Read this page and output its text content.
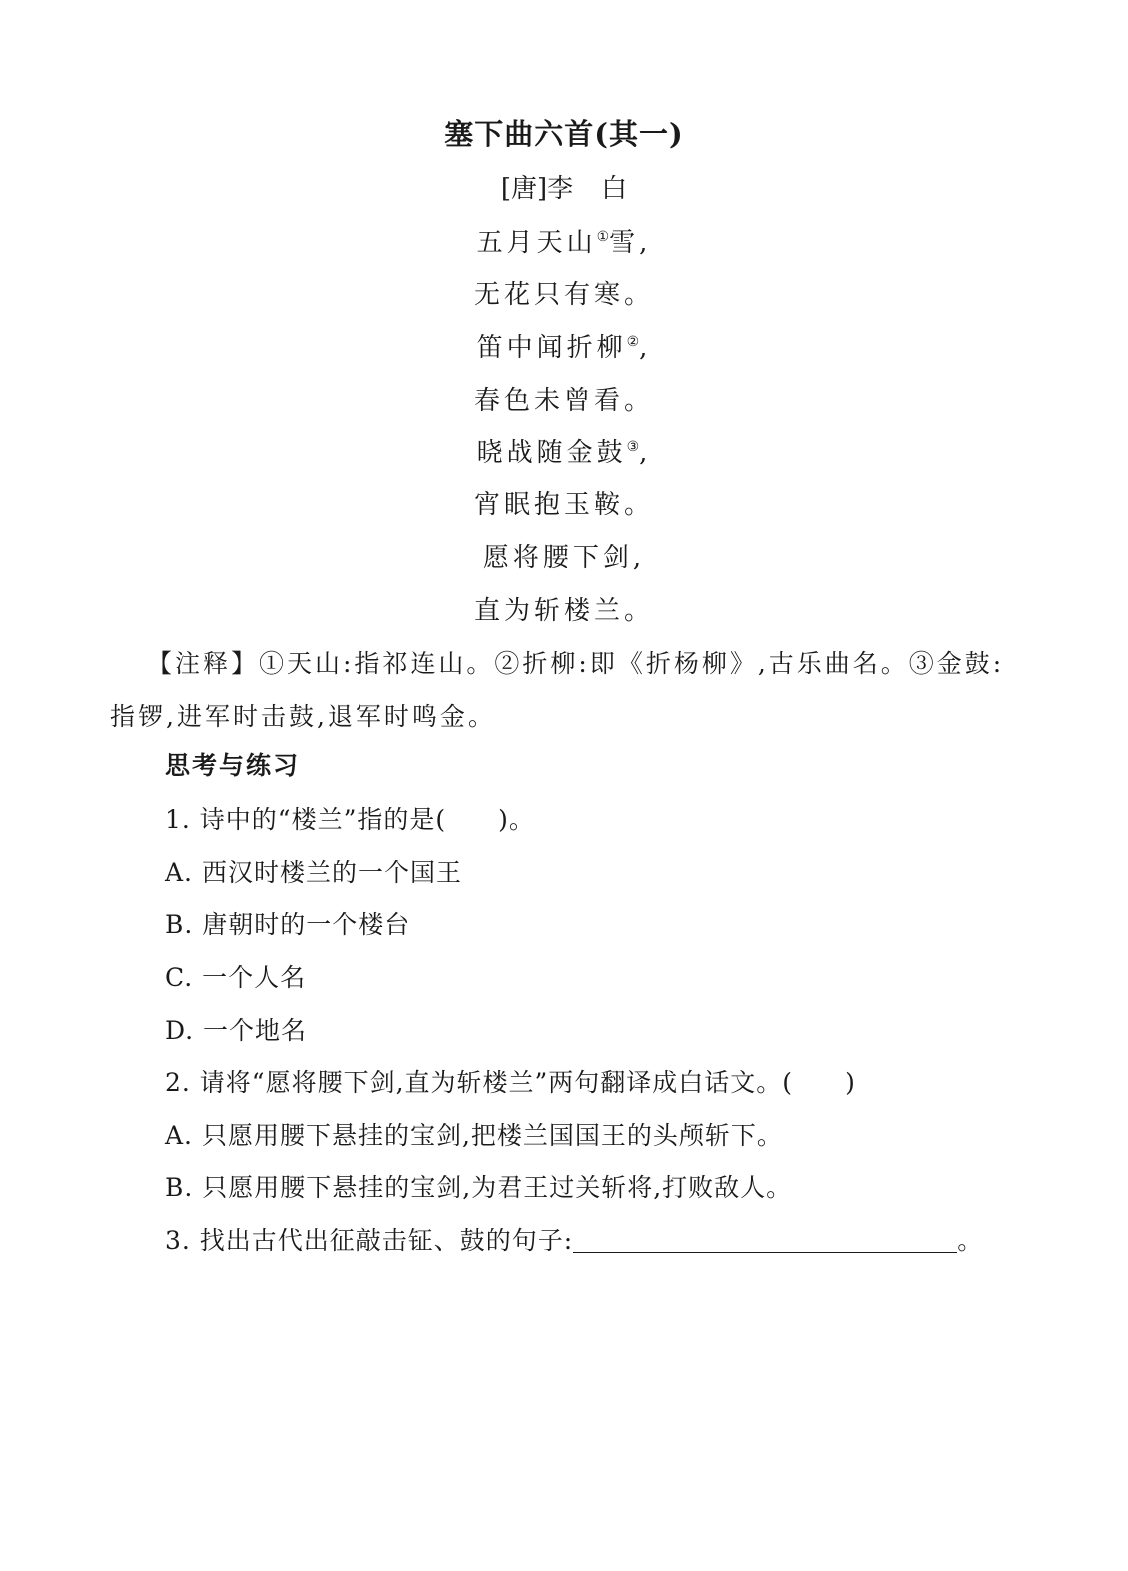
塞下曲六首(其一)
[唐]李 白
五月天山①雪,
无花只有寒。
笛中闻折柳②,
春色未曾看。
晓战随金鼓③,
宵眠抱玉鞍。
愿将腰下剑,
直为斩楼兰。
【注释】①天山:指祁连山。②折柳:即《折杨柳》,古乐曲名。③金鼓:
指锣,进军时击鼓,退军时鸣金。
思考与练习
1. 诗中的“楼兰”指的是(　　)。
A. 西汉时楼兰的一个国王
B. 唐朝时的一个楼台
C. 一个人名
D. 一个地名
2. 请将“愿将腰下剑,直为斩楼兰”两句翻译成白话文。(　　)
A. 只愿用腰下悬挂的宝剑,把楼兰国国王的头颅斩下。
B. 只愿用腰下悬挂的宝剑,为君王过关斩将,打败敌人。
3. 找出古代出征敲击钲、鼓的句子:	。
